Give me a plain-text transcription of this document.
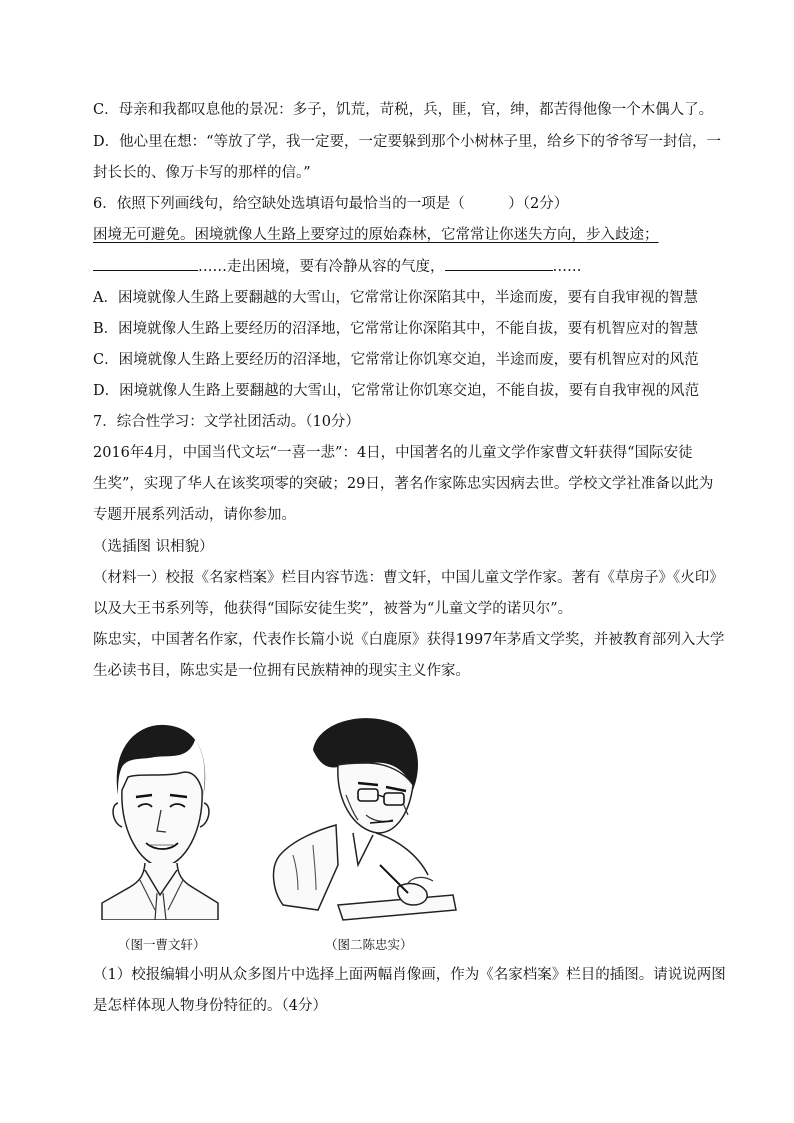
C．母亲和我都叹息他的景况：多子，饥荒，苛税，兵，匪，官，绅，都苦得他像一个木偶人了。
D．他心里在想：“等放了学，我一定要，一定要躲到那个小树林子里，给乡下的爷爷写一封信，一
封长长的、像万卡写的那样的信。”
6．依照下列画线句，给空缺处选填语句最恰当的一项是（　　　）（2分）
困境无可避免。困境就像人生路上要穿过的原始森林，它常常让你迷失方向，步入歧途；
……走出困境，要有冷静从容的气度，	……
A．困境就像人生路上要翻越的大雪山，它常常让你深陷其中，半途而废，要有自我审视的智慧
B．困境就像人生路上要经历的沼泽地，它常常让你深陷其中，不能自拔，要有机智应对的智慧
C．困境就像人生路上要经历的沼泽地，它常常让你饥寒交迫，半途而废，要有机智应对的风范
D．困境就像人生路上要翻越的大雪山，它常常让你饥寒交迫，不能自拔，要有自我审视的风范
7．综合性学习：文学社团活动。（10分）
2016年4月，中国当代文坛“一喜一悲”：4日，中国著名的儿童文学作家曹文轩获得“国际安徒
生奖”，实现了华人在该奖项零的突破；29日，著名作家陈忠实因病去世。学校文学社准备以此为
专题开展系列活动，请你参加。
（选插图 识相貌）
（材料一）校报《名家档案》栏目内容节选：曹文轩，中国儿童文学作家。著有《草房子》《火印》
以及大王书系列等，他获得“国际安徒生奖”，被誉为“儿童文学的诺贝尔”。
陈忠实，中国著名作家，代表作长篇小说《白鹿原》获得1997年茅盾文学奖，并被教育部列入大学
生必读书目，陈忠实是一位拥有民族精神的现实主义作家。
（图一曹文轩）	（图二陈忠实）
（1）校报编辑小明从众多图片中选择上面两幅肖像画，作为《名家档案》栏目的插图。请说说两图
是怎样体现人物身份特征的。（4分）
